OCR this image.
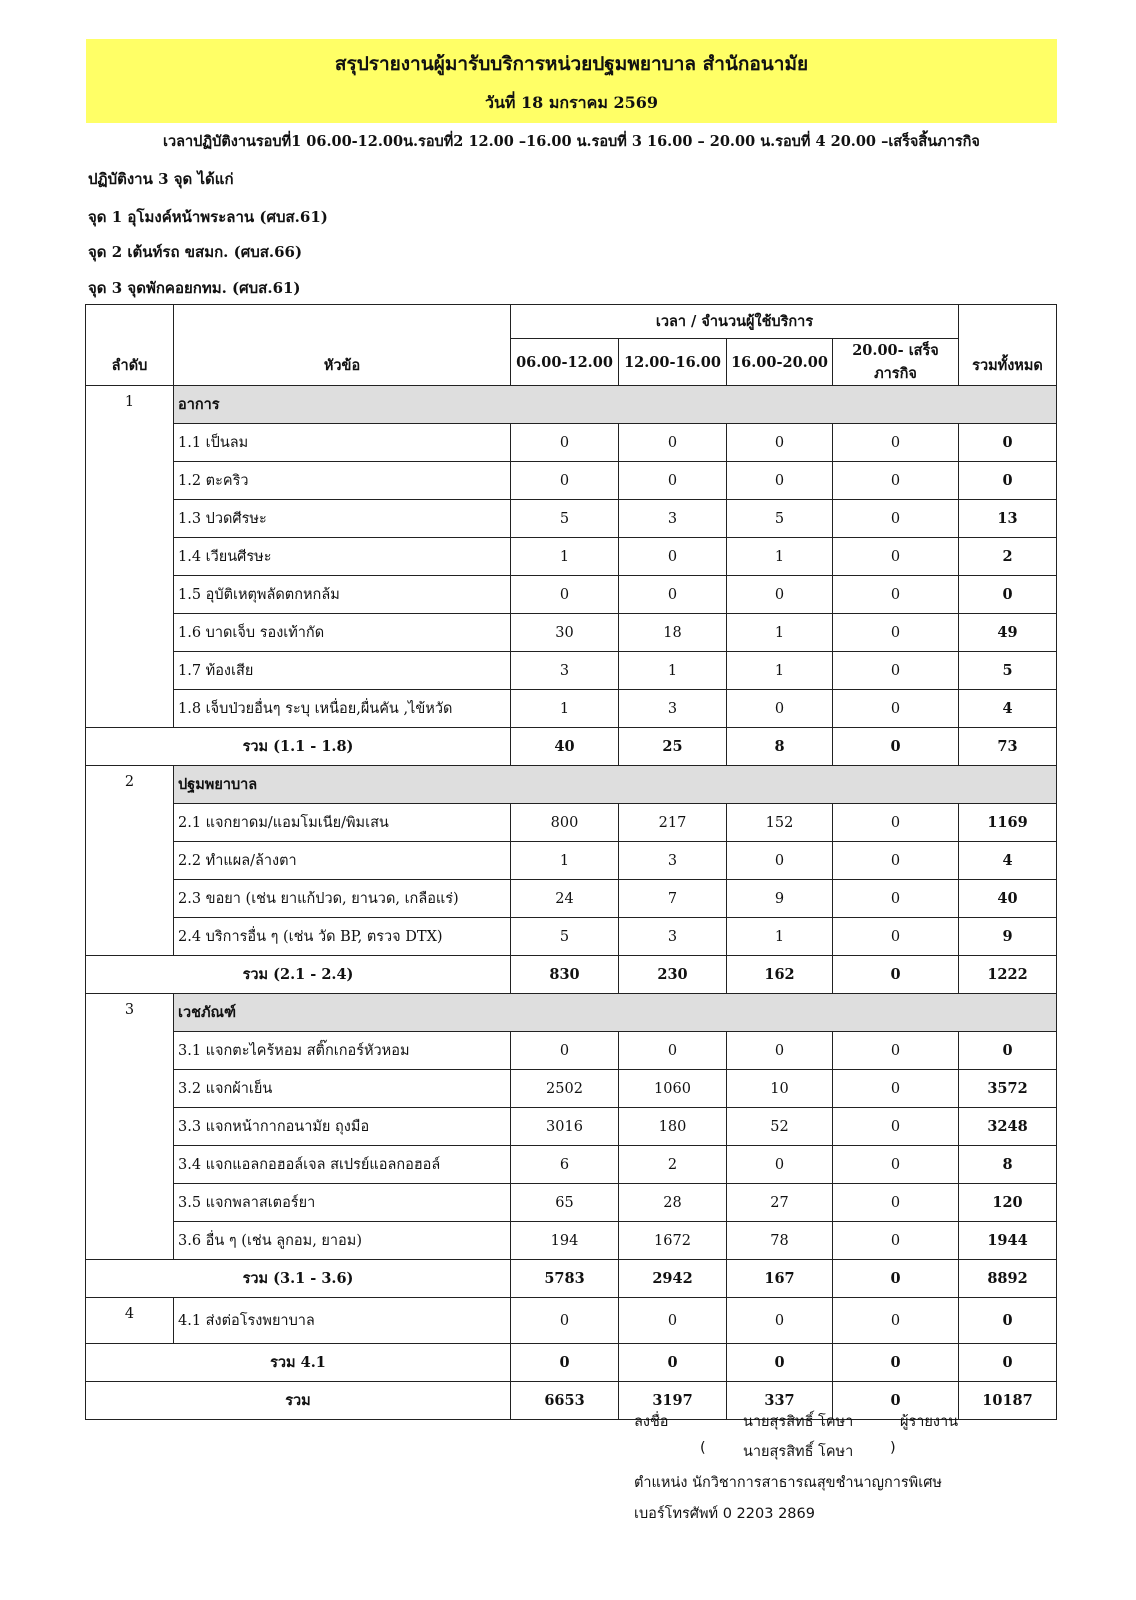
สรุปรายงานผู้มารับบริการหน่วยปฐมพยาบาล สำนักอนามัย
วันที่ 18 มกราคม 2569
เวลาปฏิบัติงานรอบที่1 06.00-12.00น.รอบที่2 12.00 –16.00 น.รอบที่ 3 16.00 – 20.00 น.รอบที่ 4 20.00 –เสร็จสิ้นภารกิจ
ปฏิบัติงาน 3 จุด ได้แก่
จุด 1 อุโมงค์หน้าพระลาน (ศบส.61)
จุด 2 เต้นท์รถ ขสมก. (ศบส.66)
จุด 3 จุดพักคอยกทม. (ศบส.61)
ลำดับ	หัวข้อ	เวลา / จำนวนผู้ใช้บริการ				รวมทั้งหมด
		06.00-12.00	12.00-16.00	16.00-20.00	20.00- เสร็จภารกิจ	
1	อาการ					
	1.1 เป็นลม	0	0	0	0	0
	1.2 ตะคริว	0	0	0	0	0
	1.3 ปวดศีรษะ	5	3	5	0	13
	1.4 เวียนศีรษะ	1	0	1	0	2
	1.5 อุบัติเหตุพลัดตกหกล้ม	0	0	0	0	0
	1.6 บาดเจ็บ รองเท้ากัด	30	18	1	0	49
	1.7 ท้องเสีย	3	1	1	0	5
	1.8 เจ็บป่วยอื่นๆ ระบุ เหนื่อย,ผื่นคัน ,ไข้หวัด	1	3	0	0	4
รวม (1.1 - 1.8)		40	25	8	0	73
2	ปฐมพยาบาล					
	2.1 แจกยาดม/แอมโมเนีย/พิมเสน	800	217	152	0	1169
	2.2 ทำแผล/ล้างตา	1	3	0	0	4
	2.3 ขอยา (เช่น ยาแก้ปวด, ยานวด, เกลือแร่)	24	7	9	0	40
	2.4 บริการอื่น ๆ (เช่น วัด BP, ตรวจ DTX)	5	3	1	0	9
รวม (2.1 - 2.4)		830	230	162	0	1222
3	เวชภัณฑ์					
	3.1 แจกตะไคร้หอม สติ๊กเกอร์หัวหอม	0	0	0	0	0
	3.2 แจกผ้าเย็น	2502	1060	10	0	3572
	3.3 แจกหน้ากากอนามัย ถุงมือ	3016	180	52	0	3248
	3.4 แจกแอลกอฮอล์เจล สเปรย์แอลกอฮอล์	6	2	0	0	8
	3.5 แจกพลาสเตอร์ยา	65	28	27	0	120
	3.6 อื่น ๆ (เช่น ลูกอม, ยาอม)	194	1672	78	0	1944
รวม (3.1 - 3.6)		5783	2942	167	0	8892
4	4.1 ส่งต่อโรงพยาบาล	0	0	0	0	0
รวม 4.1		0	0	0	0	0
รวม		6653	3197	337	0	10187
ลงชื่อ	นายสุรสิทธิ์ โคษา	ผู้รายงาน
(	นายสุรสิทธิ์ โคษา	)
ตำแหน่ง นักวิชาการสาธารณสุขชำนาญการพิเศษ
เบอร์โทรศัพท์ 0 2203 2869
